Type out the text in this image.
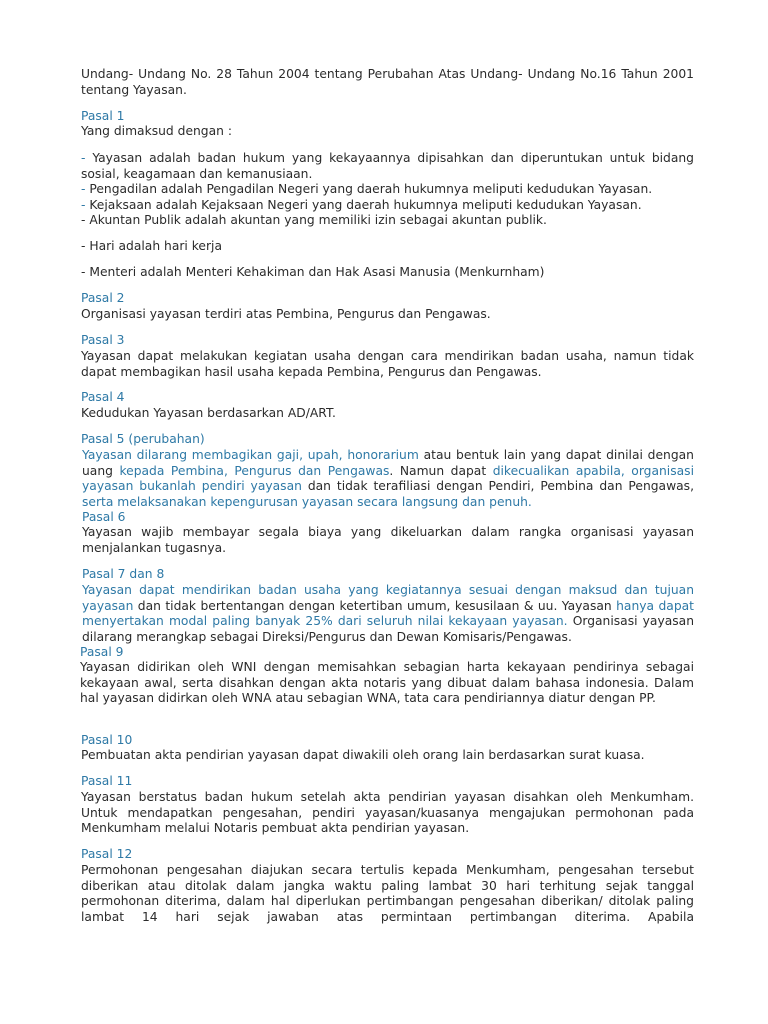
Undang- Undang No. 28 Tahun 2004 tentang Perubahan Atas Undang- Undang No.16 Tahun 2001 tentang Yayasan.

Pasal 1

Yang dimaksud dengan :

- Yayasan adalah badan hukum yang kekayaannya dipisahkan dan diperuntukan untuk bidang sosial, keagamaan dan kemanusiaan.

- Pengadilan adalah Pengadilan Negeri yang daerah hukumnya meliputi kedudukan Yayasan.

- Kejaksaan adalah Kejaksaan Negeri yang daerah hukumnya meliputi kedudukan Yayasan.

- Akuntan Publik adalah akuntan yang memiliki izin sebagai akuntan publik.

- Hari adalah hari kerja

- Menteri adalah Menteri Kehakiman dan Hak Asasi Manusia (Menkurnham)

Pasal 2

Organisasi yayasan terdiri atas Pembina, Pengurus dan Pengawas.

Pasal 3

Yayasan dapat melakukan kegiatan usaha dengan cara mendirikan badan usaha, namun tidak dapat membagikan hasil usaha kepada Pembina, Pengurus dan Pengawas.

Pasal 4

Kedudukan Yayasan berdasarkan AD/ART.

Pasal 5 (perubahan)

Yayasan dilarang membagikan gaji, upah, honorarium atau bentuk lain yang dapat dinilai dengan uang kepada Pembina, Pengurus dan Pengawas. Namun dapat dikecualikan apabila, organisasi yayasan bukanlah pendiri yayasan dan tidak terafiliasi dengan Pendiri, Pembina dan Pengawas, serta melaksanakan kepengurusan yayasan secara langsung dan penuh.

Pasal 6

Yayasan wajib membayar segala biaya yang dikeluarkan dalam rangka organisasi yayasan menjalankan tugasnya.

Pasal 7 dan 8

Yayasan dapat mendirikan badan usaha yang kegiatannya sesuai dengan maksud dan tujuan yayasan dan tidak bertentangan dengan ketertiban umum, kesusilaan & uu. Yayasan hanya dapat menyertakan modal paling banyak 25% dari seluruh nilai kekayaan yayasan. Organisasi yayasan dilarang merangkap sebagai Direksi/Pengurus dan Dewan Komisaris/Pengawas.

Pasal 9

Yayasan didirikan oleh WNI dengan memisahkan sebagian harta kekayaan pendirinya sebagai kekayaan awal, serta disahkan dengan akta notaris yang dibuat dalam bahasa indonesia. Dalam hal yayasan didirkan oleh WNA atau sebagian WNA, tata cara pendiriannya diatur dengan PP.

Pasal 10

Pembuatan akta pendirian yayasan dapat diwakili oleh orang lain berdasarkan surat kuasa.

Pasal 11

Yayasan berstatus badan hukum setelah akta pendirian yayasan disahkan oleh Menkumham. Untuk mendapatkan pengesahan, pendiri yayasan/kuasanya mengajukan permohonan pada Menkumham melalui Notaris pembuat akta pendirian yayasan.

Pasal 12

Permohonan pengesahan diajukan secara tertulis kepada Menkumham, pengesahan tersebut diberikan atau ditolak dalam jangka waktu paling lambat 30 hari terhitung sejak tanggal permohonan diterima, dalam hal diperlukan pertimbangan pengesahan diberikan/ ditolak paling lambat 14 hari sejak jawaban atas permintaan pertimbangan diterima. Apabila
